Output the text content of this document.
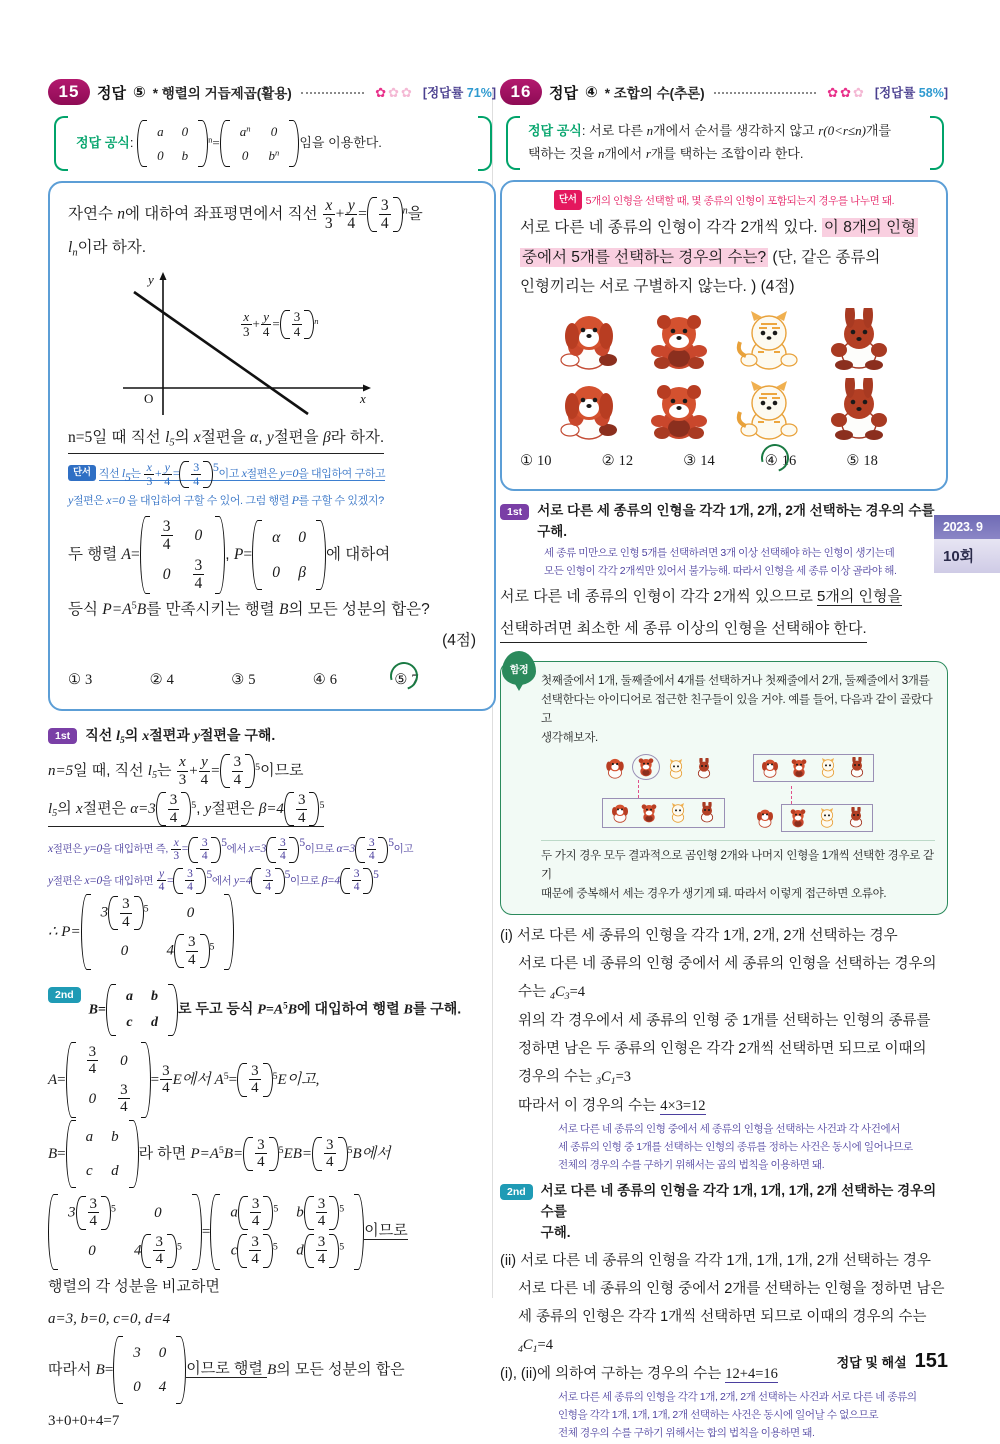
15	정답 ⑤ * 행렬의 거듭제곱(활용)	✿ ✿ ✿ [정답률 71%]
정답 공식:
a	0
0	b
$^n$=
$a^n$	0
0	$b^n$
임을 이용한다.
자연수 n에 대하여 좌표평면에서 직선 $\frac{x}{3} + \frac{y}{4} = \frac{3}{4} ^n$을
$l_n$이라 하자.
y
x
O
$\frac{x}{3} + \frac{y}{4} = \frac{3}{4} ^n$
n=5일 때 직선 $l_5$의 x절편을 α, y절편을 β라 하자.
단서 직선 l5는 $\frac{x}{3} + \frac{y}{4} = \frac{3}{4} 5$이고 x절편은 y=0을 대입하여 구하고
y절편은 x=0 을 대입하여 구할 수 있어. 그럼 행렬 P를 구할 수 있겠지?
두 행렬 A=
$\frac{3}{4}$	0
0	$\frac{3}{4}$
, P=
α	0
0	β
에 대하여
등식 $P=A^5B$를 만족시키는 행렬 B의 모든 성분의 합은?
(4점)
① 3	② 4	③ 5	④ 6	⑤ 7
1st	직선 $l_5$의 x절편과 y절편을 구해.
n=5일 때, 직선 $l_5$는 $\frac{x}{3} + \frac{y}{4} = \frac{3}{4} ^5$이므로
$l_5$의 x절편은 $\alpha=3 \frac{3}{4} ^5$, y절편은 $\beta=4 \frac{3}{4} ^5$
x절편은 y=0을 대입하면 즉, $\frac{x}{3} = \frac{3}{4} 5$에서 $x=3 \frac{3}{4} 5$이므로 $\alpha=3 \frac{3}{4} 5$이고
y절편은 x=0을 대입하면 $\frac{y}{4} = \frac{3}{4} 5$에서 $y=4 \frac{3}{4} 5$이므로 $\beta=4 \frac{3}{4} 5$
∴ P=
$3 \frac{3}{4} ^5$	0
0	$4 \frac{3}{4} ^5$
2nd
B=
a	b
c	d
로 두고 등식 $P=A^5B$에 대입하여 행렬 B를 구해.
A=
$\frac{3}{4}$	0
0	$\frac{3}{4}$
= $\frac{3}{4}$ E에서 $A^5= \frac{3}{4} ^5E$이고,
B=
a	b
c	d
라 하면 $P=A^5B= \frac{3}{4} ^5EB= \frac{3}{4} ^5B$에서
$3 \frac{3}{4} ^5$	0
0	$4 \frac{3}{4} ^5$
=
a $\frac{3}{4} ^5$	b $\frac{3}{4} ^5$
c $\frac{3}{4} ^5$	d $\frac{3}{4} ^5$
이므로
행렬의 각 성분을 비교하면
a=3, b=0, c=0, d=4
따라서 B=
3	0
0	4
이므로 행렬 B의 모든 성분의 합은
3+0+0+4=7
16	정답 ④ * 조합의 수(추론)	✿ ✿ ✿ [정답률 58%]
정답 공식: 서로 다른 n개에서 순서를 생각하지 않고 r(0<r≤n)개를
택하는 것을 n개에서 r개를 택하는 조합이라 한다.
단서 5개의 인형을 선택할 때, 몇 종류의 인형이 포함되는지 경우를 나누면 돼.
서로 다른 네 종류의 인형이 각각 2개씩 있다. 이 8개의 인형
중에서 5개를 선택하는 경우의 수는? (단, 같은 종류의
인형끼리는 서로 구별하지 않는다. ) (4점)
① 10	② 12	③ 14	④ 16	⑤ 18
1st	서로 다른 세 종류의 인형을 각각 1개, 2개, 2개 선택하는 경우의 수를 구해.
세 종류 미만으로 인형 5개를 선택하려면 3개 이상 선택해야 하는 인형이 생기는데
모든 인형이 각각 2개씩만 있어서 불가능해. 따라서 인형을 세 종류 이상 골라야 해.
서로 다른 네 종류의 인형이 각각 2개씩 있으므로 5개의 인형을
선택하려면 최소한 세 종류 이상의 인형을 선택해야 한다.
함정
첫째줄에서 1개, 둘째줄에서 4개를 선택하거나 첫째줄에서 2개, 둘째줄에서 3개를
선택한다는 아이디어로 접근한 친구들이 있을 거야. 예를 들어, 다음과 같이 골랐다고
생각해보자.
두 가지 경우 모두 결과적으로 곰인형 2개와 나머지 인형을 1개씩 선택한 경우로 같기
때문에 중복해서 세는 경우가 생기게 돼. 따라서 이렇게 접근하면 오류야.
(i) 서로 다른 세 종류의 인형을 각각 1개, 2개, 2개 선택하는 경우
서로 다른 네 종류의 인형 중에서 세 종류의 인형을 선택하는 경우의
수는 $_4C_3=4$
위의 각 경우에서 세 종류의 인형 중 1개를 선택하는 인형의 종류를
정하면 남은 두 종류의 인형은 각각 2개씩 선택하면 되므로 이때의
경우의 수는 $_3C_1=3$
따라서 이 경우의 수는 4×3=12
서로 다른 네 종류의 인형 중에서 세 종류의 인형을 선택하는 사건과 각 사건에서
세 종류의 인형 중 1개를 선택하는 인형의 종류를 정하는 사건은 동시에 일어나므로
전체의 경우의 수를 구하기 위해서는 곱의 법칙을 이용하면 돼.
2nd	서로 다른 네 종류의 인형을 각각 1개, 1개, 1개, 2개 선택하는 경우의 수를
구해.
(ii) 서로 다른 네 종류의 인형을 각각 1개, 1개, 1개, 2개 선택하는 경우
서로 다른 네 종류의 인형 중에서 2개를 선택하는 인형을 정하면 남은
세 종류의 인형은 각각 1개씩 선택하면 되므로 이때의 경우의 수는
$_4C_1=4$
(i), (ii)에 의하여 구하는 경우의 수는 12+4=16
서로 다른 세 종류의 인형을 각각 1개, 2개, 2개 선택하는 사건과 서로 다른 네 종류의
인형을 각각 1개, 1개, 1개, 2개 선택하는 사건은 동시에 일어날 수 없으므로
전체 경우의 수를 구하기 위해서는 합의 법칙을 이용하면 돼.
2023. 9
10회
정답 및 해설 151
